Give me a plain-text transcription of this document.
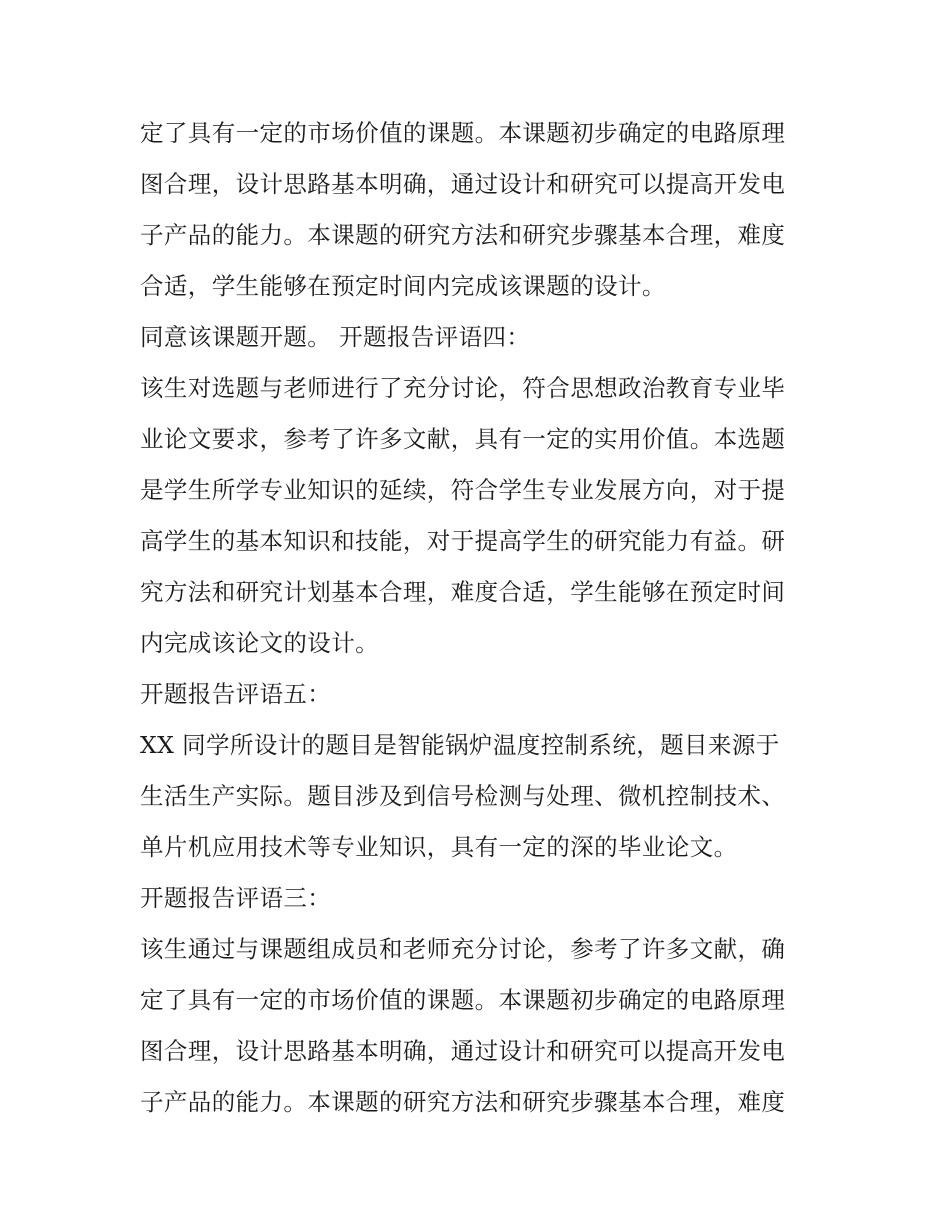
定了具有一定的市场价值的课题。本课题初步确定的电路原理
图合理，设计思路基本明确，通过设计和研究可以提高开发电
子产品的能力。本课题的研究方法和研究步骤基本合理，难度
合适，学生能够在预定时间内完成该课题的设计。
同意该课题开题。 开题报告评语四：
该生对选题与老师进行了充分讨论，符合思想政治教育专业毕
业论文要求，参考了许多文献，具有一定的实用价值。本选题
是学生所学专业知识的延续，符合学生专业发展方向，对于提
高学生的基本知识和技能，对于提高学生的研究能力有益。研
究方法和研究计划基本合理，难度合适，学生能够在预定时间
内完成该论文的设计。
开题报告评语五：
XX 同学所设计的题目是智能锅炉温度控制系统，题目来源于
生活生产实际。题目涉及到信号检测与处理、微机控制技术、
单片机应用技术等专业知识，具有一定的深的毕业论文。
开题报告评语三：
该生通过与课题组成员和老师充分讨论，参考了许多文献，确
定了具有一定的市场价值的课题。本课题初步确定的电路原理
图合理，设计思路基本明确，通过设计和研究可以提高开发电
子产品的能力。本课题的研究方法和研究步骤基本合理，难度
